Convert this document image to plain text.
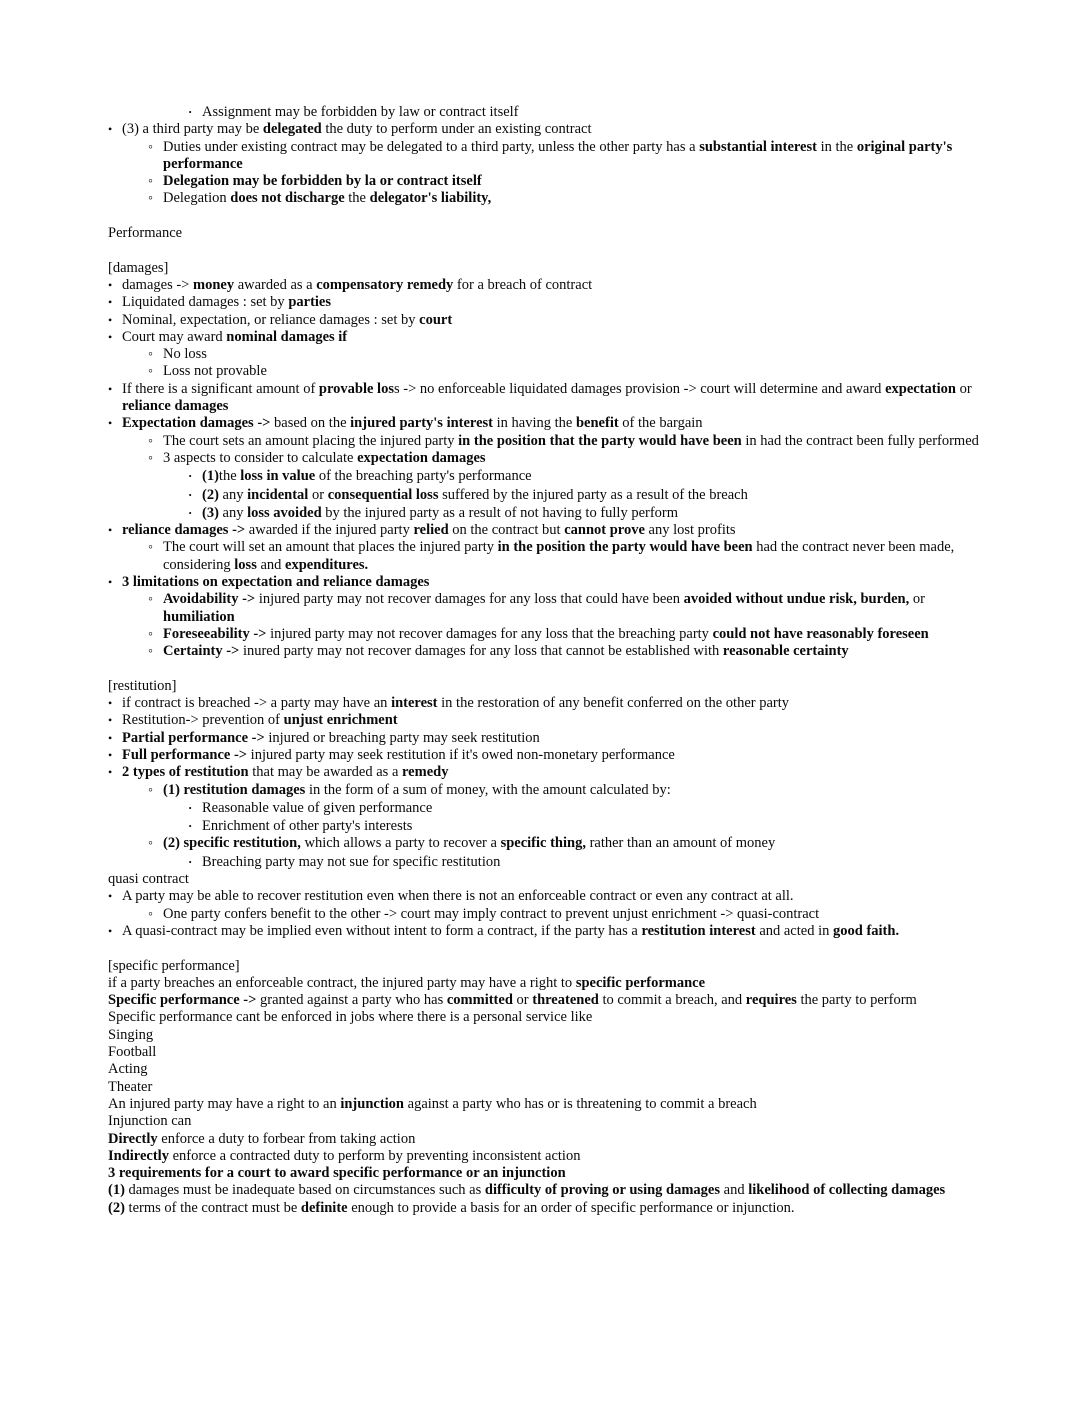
· Assignment may be forbidden by law or contract itself
• (3) a third party may be delegated the duty to perform under an existing contract
◦ Duties under existing contract may be delegated to a third party, unless the other party has a substantial interest in the original party's performance
◦ Delegation may be forbidden by la or contract itself
◦ Delegation does not discharge the delegator's liability,
Performance
[damages]
• damages -> money awarded as a compensatory remedy for a breach of contract
• Liquidated damages : set by parties
• Nominal, expectation, or reliance damages : set by court
• Court may award nominal damages if
◦ No loss
◦ Loss not provable
• If there is a significant amount of provable loss -> no enforceable liquidated damages provision -> court will determine and award expectation or reliance damages
• Expectation damages -> based on the injured party's interest in having the benefit of the bargain
◦ The court sets an amount placing the injured party in the position that the party would have been in had the contract been fully performed
◦ 3 aspects to consider to calculate expectation damages
· (1)the loss in value of the breaching party's performance
· (2) any incidental or consequential loss suffered by the injured party as a result of the breach
· (3) any loss avoided by the injured party as a result of not having to fully perform
• reliance damages -> awarded if the injured party relied on the contract but cannot prove any lost profits
◦ The court will set an amount that places the injured party in the position the party would have been had the contract never been made, considering loss and expenditures.
• 3 limitations on expectation and reliance damages
◦ Avoidability -> injured party may not recover damages for any loss that could have been avoided without undue risk, burden, or humiliation
◦ Foreseeability -> injured party may not recover damages for any loss that the breaching party could not have reasonably foreseen
◦ Certainty -> inured party may not recover damages for any loss that cannot be established with reasonable certainty
[restitution]
• if contract is breached -> a party may have an interest in the restoration of any benefit conferred on the other party
• Restitution-> prevention of unjust enrichment
• Partial performance -> injured or breaching party may seek restitution
• Full performance -> injured party may seek restitution if it's owed non-monetary performance
• 2 types of restitution that may be awarded as a remedy
◦ (1) restitution damages in the form of a sum of money, with the amount calculated by:
· Reasonable value of given performance
· Enrichment of other party's interests
◦ (2) specific restitution, which allows a party to recover a specific thing, rather than an amount of money
· Breaching party may not sue for specific restitution
quasi contract
• A party may be able to recover restitution even when there is not an enforceable contract or even any contract at all.
◦ One party confers benefit to the other -> court may imply contract to prevent unjust enrichment -> quasi-contract
• A quasi-contract may be implied even without intent to form a contract, if the party has a restitution interest and acted in good faith.
[specific performance]
if a party breaches an enforceable contract, the injured party may have a right to specific performance
Specific performance -> granted against a party who has committed or threatened to commit a breach, and requires the party to perform
Specific performance cant be enforced in jobs where there is a personal service like
Singing
Football
Acting
Theater
An injured party may have a right to an injunction against a party who has or is threatening to commit a breach
Injunction can
Directly enforce a duty to forbear from taking action
Indirectly enforce a contracted duty to perform by preventing inconsistent action
3 requirements for a court to award specific performance or an injunction
(1) damages must be inadequate based on circumstances such as difficulty of proving or using damages and likelihood of collecting damages
(2) terms of the contract must be definite enough to provide a basis for an order of specific performance or injunction.
